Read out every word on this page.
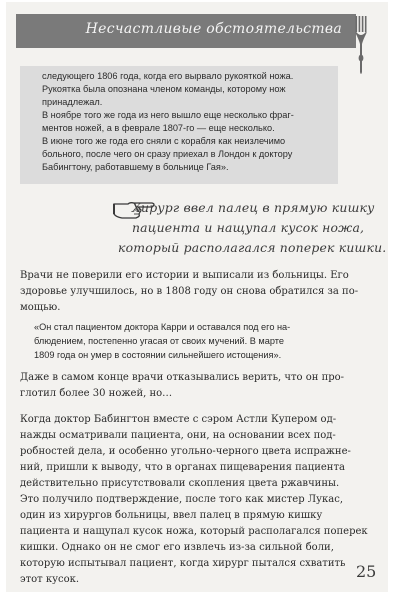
Несчастливые обстоятельства
следующего 1806 года, когда его вырвало рукояткой ножа.
Рукоятка была опознана членом команды, которому нож
принадлежал.
В ноябре того же года из него вышло еще несколько фраг-
ментов ножей, а в феврале 1807-го — еще несколько.
В июне того же года его сняли с корабля как неизлечимо
больного, после чего он сразу приехал в Лондон к доктору
Бабингтону, работавшему в больнице Гая».
Хирург ввел палец в прямую кишку
пациента и нащупал кусок ножа,
который располагался поперек кишки.
Врачи не поверили его истории и выписали из больницы. Его
здоровье улучшилось, но в 1808 году он снова обратился за по-
мощью.
«Он стал пациентом доктора Карри и оставался под его на-
блюдением, постепенно угасая от своих мучений. В марте
1809 года он умер в состоянии сильнейшего истощения».
Даже в самом конце врачи отказывались верить, что он про-
глотил более 30 ножей, но…
Когда доктор Бабингтон вместе с сэром Астли Купером од-
нажды осматривали пациента, они, на основании всех под-
робностей дела, и особенно угольно-черного цвета испражне-
ний, пришли к выводу, что в органах пищеварения пациента
действительно присутствовали скопления цвета ржавчины.
Это получило подтверждение, после того как мистер Лукас,
один из хирургов больницы, ввел палец в прямую кишку
пациента и нащупал кусок ножа, который располагался поперек
кишки. Однако он не смог его извлечь из-за сильной боли,
которую испытывал пациент, когда хирург пытался схватить
этот кусок.	25
